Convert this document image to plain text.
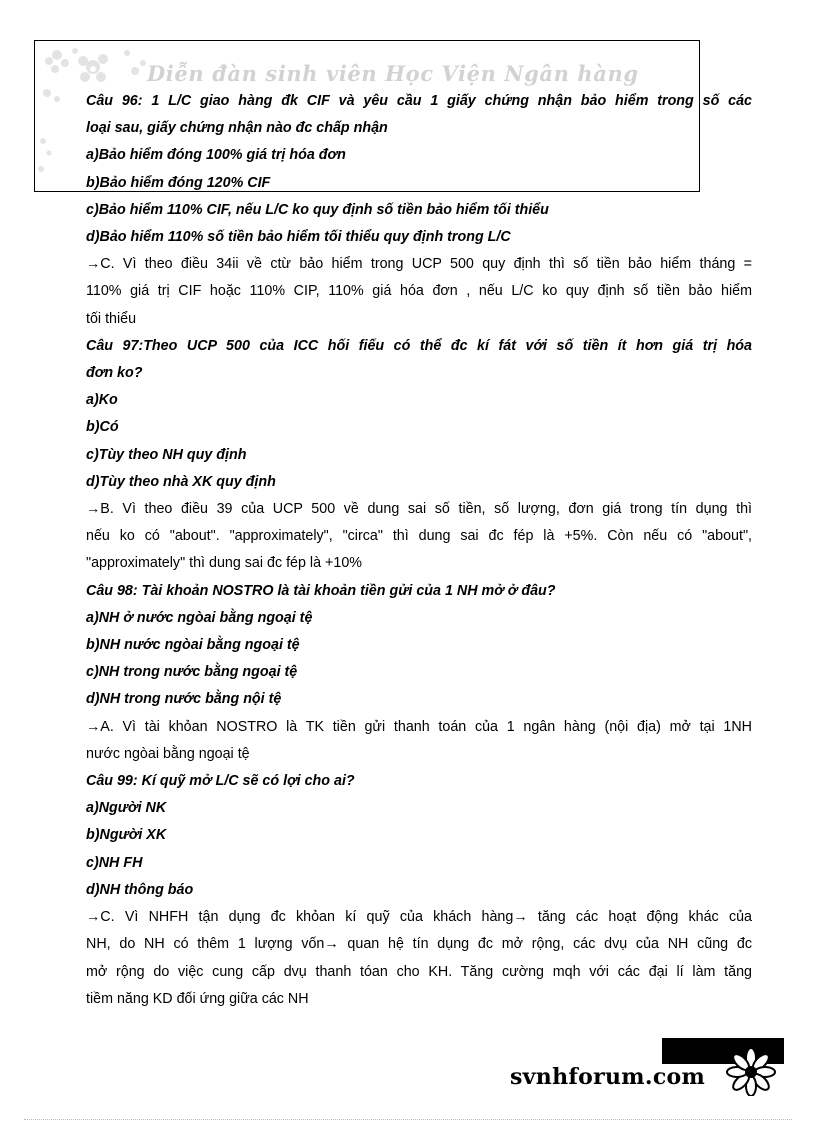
Diễn đàn sinh viên Học Viện Ngân hàng
Câu 96: 1 L/C giao hàng đk CIF và yêu cầu 1 giấy chứng nhận bảo hiểm trong số các
loại sau, giấy chứng nhận nào đc chấp nhận
a)Bảo hiểm đóng 100% giá trị hóa đơn
b)Bảo hiểm đóng 120% CIF
c)Bảo hiểm 110% CIF, nếu L/C ko quy định số tiền bảo hiểm tối thiểu
d)Bảo hiểm 110% số tiền bảo hiểm tối thiểu quy định trong L/C
→C. Vì theo điều 34ii về ctừ bảo hiểm trong UCP 500 quy định thì số tiền bảo hiểm tháng =
110% giá trị CIF hoặc 110% CIP, 110% giá hóa đơn , nếu L/C ko quy định số tiền bảo hiểm
tối thiểu
Câu 97:Theo UCP 500 của ICC hối fiếu có thể đc kí fát với số tiền ít hơn giá trị hóa
đơn ko?
a)Ko
b)Có
c)Tùy theo NH quy định
d)Tùy theo nhà XK quy định
→B. Vì theo điều 39 của UCP 500 về dung sai số tiền, số lượng, đơn giá trong tín dụng thì
nếu ko có "about". "approximately", "circa" thì dung sai đc fép là +5%. Còn nếu có "about",
"approximately" thì dung sai đc fép là +10%
Câu 98: Tài khoản NOSTRO là tài khoản tiền gửi của 1 NH mở ở đâu?
a)NH ở nước ngòai bằng ngoại tệ
b)NH nước ngòai bằng ngoại tệ
c)NH trong nước bằng ngoại tệ
d)NH trong nước bằng nội tệ
→A. Vì tài khỏan NOSTRO là TK tiền gửi thanh toán của 1 ngân hàng (nội địa) mở tại 1NH
nước ngòai bằng ngoại tệ
Câu 99: Kí quỹ mở L/C sẽ có lợi cho ai?
a)Người NK
b)Người XK
c)NH FH
d)NH thông báo
→C. Vì NHFH tận dụng đc khỏan kí quỹ của khách hàng→ tăng các hoạt động khác của
NH, do NH có thêm 1 lượng vốn→ quan hệ tín dụng đc mở rộng, các dvụ của NH cũng đc
mở rộng do việc cung cấp dvụ thanh tóan cho KH. Tăng cường mqh với các đại lí làm tăng
tiềm năng KD đối ứng giữa các NH
svnhforum.com
